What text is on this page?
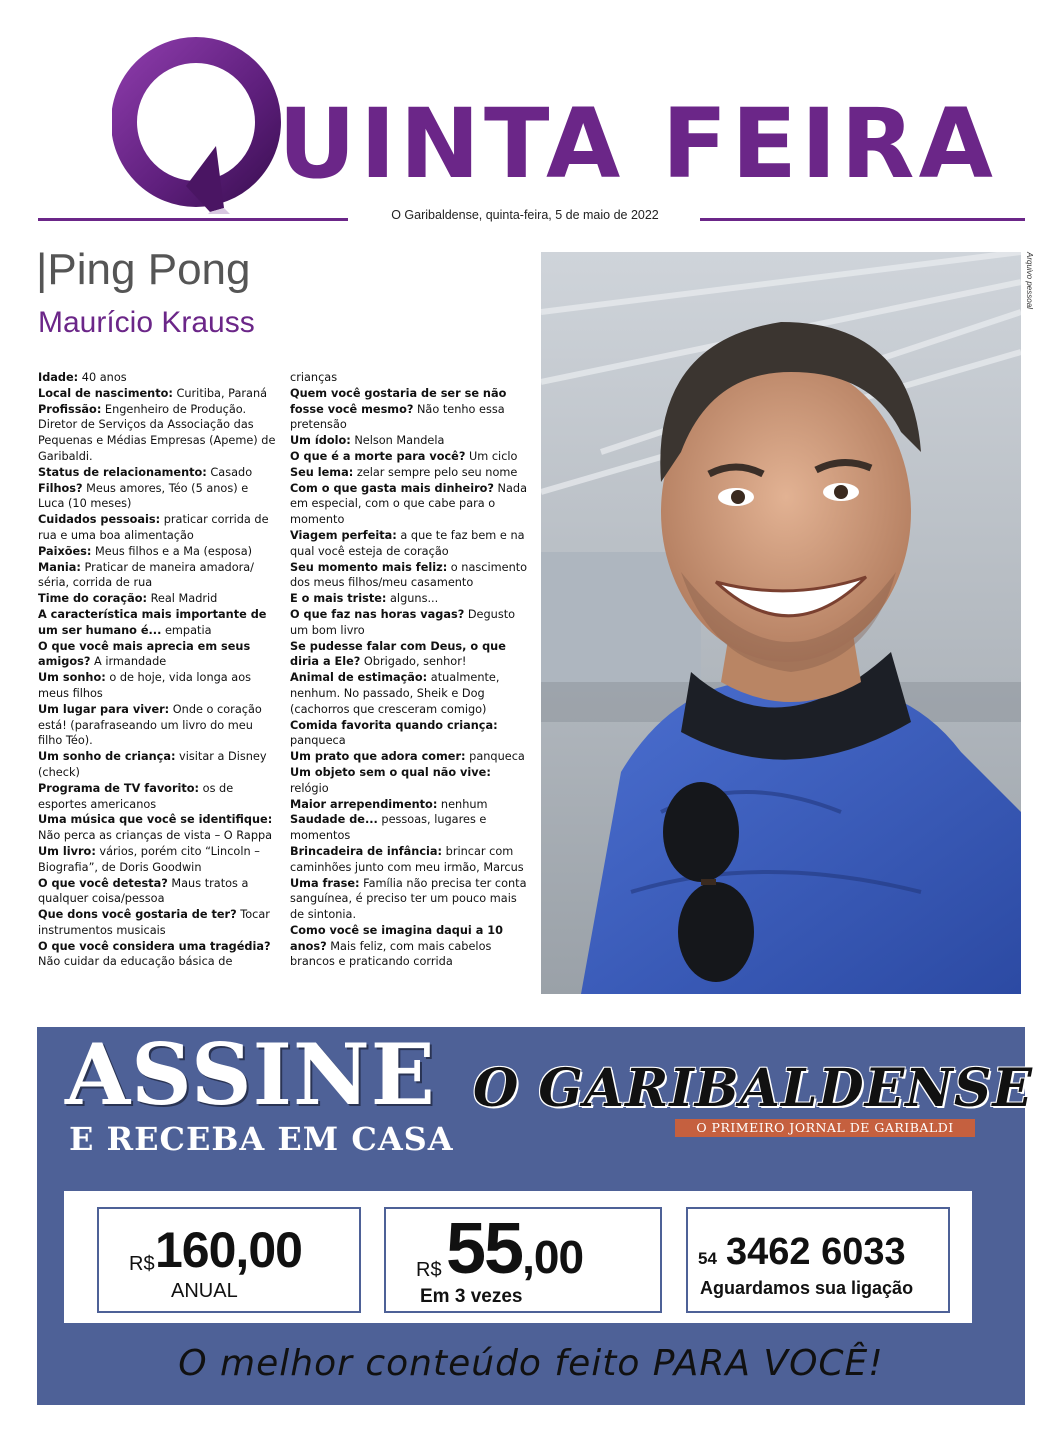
UINTA FEIRA
O Garibaldense, quinta-feira, 5 de maio de 2022
|Ping Pong
Maurício Krauss

Idade: 40 anos

Local de nascimento: Curitiba, Paraná

Profissão: Engenheiro de Produção. Diretor de Serviços da Associação das Pequenas e Médias Empresas (Apeme) de Garibaldi.

Status de relacionamento: Casado

Filhos? Meus amores, Téo (5 anos) e Luca (10 meses)

Cuidados pessoais: praticar corrida de rua e uma boa alimentação

Paixões: Meus filhos e a Ma (esposa)

Mania: Praticar de maneira amadora/ séria, corrida de rua

Time do coração: Real Madrid

A característica mais importante de um ser humano é... empatia

O que você mais aprecia em seus amigos? A irmandade

Um sonho: o de hoje, vida longa aos meus filhos

Um lugar para viver: Onde o coração está! (parafraseando um livro do meu filho Téo).

Um sonho de criança: visitar a Disney (check)

Programa de TV favorito: os de esportes americanos

Uma música que você se identifique: Não perca as crianças de vista – O Rappa

Um livro: vários, porém cito “Lincoln – Biografia”, de Doris Goodwin

O que você detesta? Maus tratos a qualquer coisa/pessoa

Que dons você gostaria de ter? Tocar instrumentos musicais

O que você considera uma tragédia? Não cuidar da educação básica de

crianças

Quem você gostaria de ser se não fosse você mesmo? Não tenho essa pretensão

Um ídolo: Nelson Mandela

O que é a morte para você? Um ciclo

Seu lema: zelar sempre pelo seu nome

Com o que gasta mais dinheiro? Nada em especial, com o que cabe para o momento

Viagem perfeita: a que te faz bem e na qual você esteja de coração

Seu momento mais feliz: o nascimento dos meus filhos/meu casamento

E o mais triste: alguns...

O que faz nas horas vagas? Degusto um bom livro

Se pudesse falar com Deus, o que diria a Ele? Obrigado, senhor!

Animal de estimação: atualmente, nenhum. No passado, Sheik e Dog (cachorros que cresceram comigo)

Comida favorita quando criança: panqueca

Um prato que adora comer: panqueca

Um objeto sem o qual não vive: relógio

Maior arrependimento: nenhum

Saudade de... pessoas, lugares e momentos

Brincadeira de infância: brincar com caminhões junto com meu irmão, Marcus

Uma frase: Família não precisa ter conta sanguínea, é preciso ter um pouco mais de sintonia.

Como você se imagina daqui a 10 anos? Mais feliz, com mais cabelos brancos e praticando corrida

Arquivo pessoal
ASSINE
E RECEBA EM CASA
O GARIBALDENSE
O PRIMEIRO JORNAL DE GARIBALDI
R$ 160,00
ANUAL
R$ 55,00
Em 3 vezes
54 3462 6033
Aguardamos sua ligação
O melhor conteúdo feito PARA VOCÊ!
